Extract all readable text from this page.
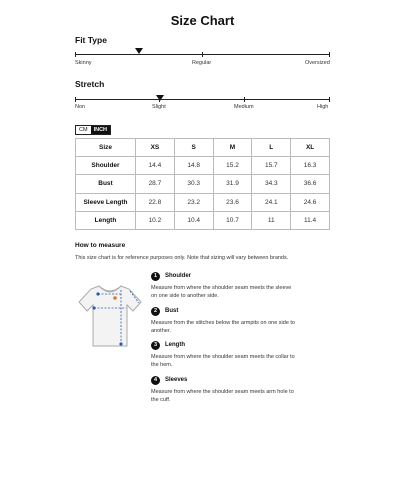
Size Chart
Fit Type
Skinny	Regular	Oversized
Stretch
Non	Slight	Medium	High
CM	INCH
Size	XS	S	M	L	XL
Shoulder	14.4	14.8	15.2	15.7	16.3
Bust	28.7	30.3	31.9	34.3	36.6
Sleeve Length	22.8	23.2	23.6	24.1	24.6
Length	10.2	10.4	10.7	11	11.4
How to measure
This size chart is for reference purposes only. Note that sizing will vary between brands.
1	Shoulder
Measure from where the shoulder seam meets the sleeve on one side to another side.
2	Bust
Measure from the stitches below the armpits on one side to another.
3	Length
Measure from where the shoulder seam meets the collar to the hem.
4	Sleeves
Measure from where the shoulder seam meets arm hole to the cuff.
